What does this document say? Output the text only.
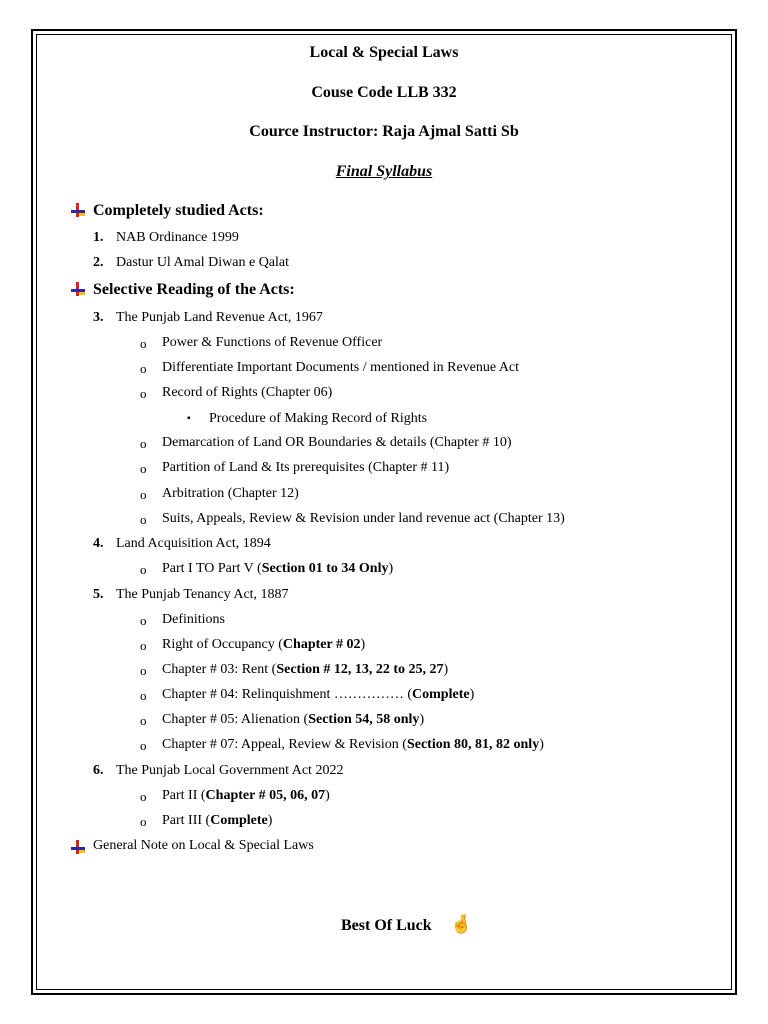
Local & Special Laws
Couse Code LLB 332
Cource Instructor: Raja Ajmal Satti Sb
Final Syllabus
Completely studied Acts:
1. NAB Ordinance 1999
2. Dastur Ul Amal Diwan e Qalat
Selective Reading of the Acts:
3. The Punjab Land Revenue Act, 1967
o Power & Functions of Revenue Officer
o Differentiate Important Documents / mentioned in Revenue Act
o Record of Rights (Chapter 06)
▪ Procedure of Making Record of Rights
o Demarcation of Land OR Boundaries & details (Chapter # 10)
o Partition of Land & Its prerequisites (Chapter # 11)
o Arbitration (Chapter 12)
o Suits, Appeals, Review & Revision under land revenue act (Chapter 13)
4. Land Acquisition Act, 1894
o Part I TO Part V (Section 01 to 34 Only)
5. The Punjab Tenancy Act, 1887
o Definitions
o Right of Occupancy (Chapter # 02)
o Chapter # 03: Rent (Section # 12, 13, 22 to 25, 27)
o Chapter # 04: Relinquishment …………… (Complete)
o Chapter # 05: Alienation (Section 54, 58 only)
o Chapter # 07: Appeal, Review & Revision (Section 80, 81, 82 only)
6. The Punjab Local Government Act 2022
o Part II (Chapter # 05, 06, 07)
o Part III (Complete)
General Note on Local & Special Laws
Best Of Luck 🤞
